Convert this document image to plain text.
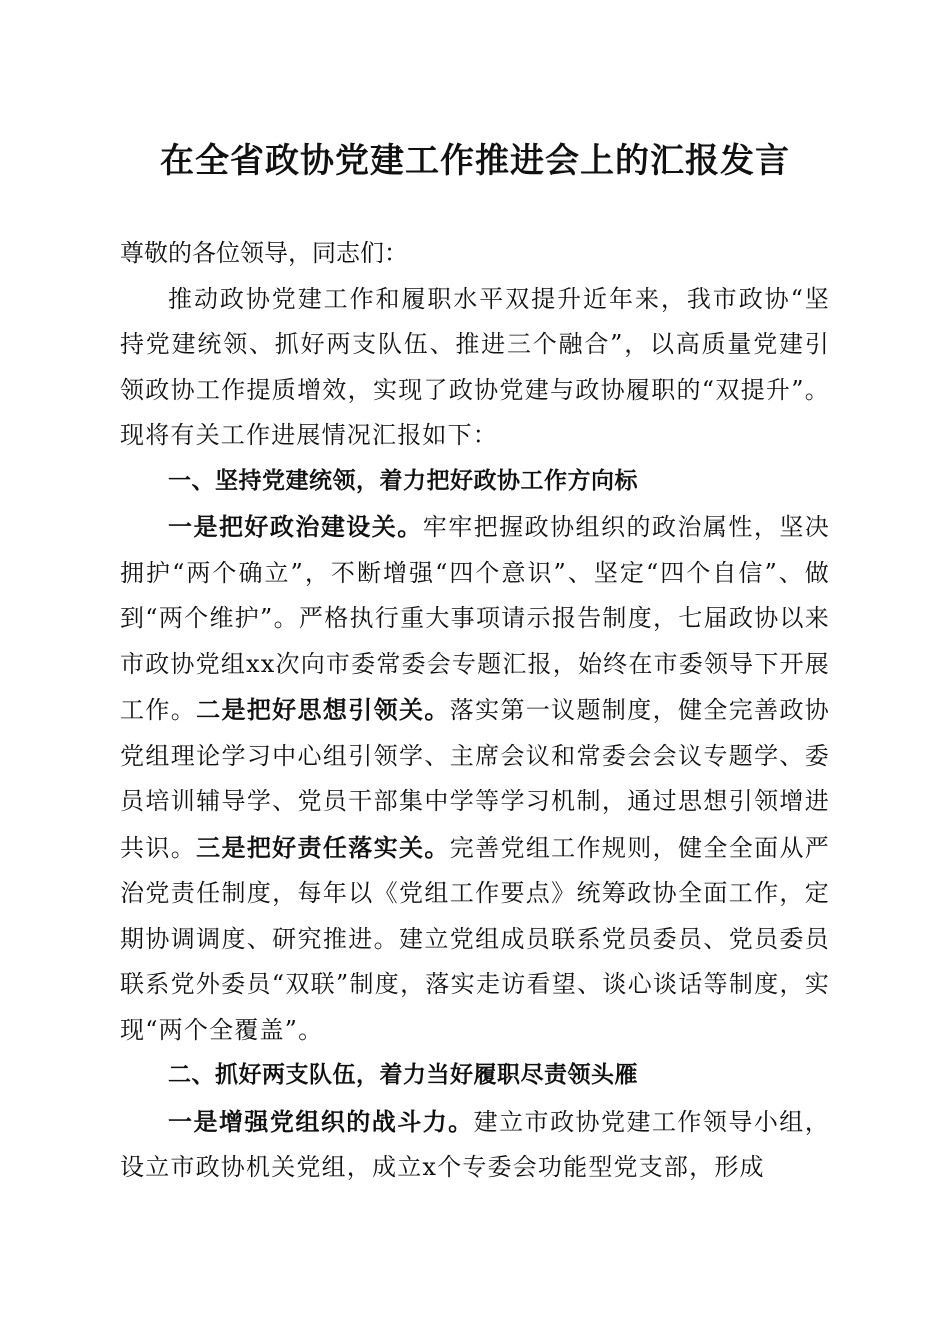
在全省政协党建工作推进会上的汇报发言

尊敬的各位领导，同志们：

推动政协党建工作和履职水平双提升近年来，我市政协“坚持党建统领、抓好两支队伍、推进三个融合”，以高质量党建引领政协工作提质增效，实现了政协党建与政协履职的“双提升”。现将有关工作进展情况汇报如下：

一、坚持党建统领，着力把好政协工作方向标

一是把好政治建设关。牢牢把握政协组织的政治属性，坚决拥护“两个确立”，不断增强“四个意识”、坚定“四个自信”、做到“两个维护”。严格执行重大事项请示报告制度，七届政协以来市政协党组xx次向市委常委会专题汇报，始终在市委领导下开展工作。二是把好思想引领关。落实第一议题制度，健全完善政协党组理论学习中心组引领学、主席会议和常委会会议专题学、委员培训辅导学、党员干部集中学等学习机制，通过思想引领增进共识。三是把好责任落实关。完善党组工作规则，健全全面从严治党责任制度，每年以《党组工作要点》统筹政协全面工作，定期协调调度、研究推进。建立党组成员联系党员委员、党员委员联系党外委员“双联”制度，落实走访看望、谈心谈话等制度，实现“两个全覆盖”。

二、抓好两支队伍，着力当好履职尽责领头雁

一是增强党组织的战斗力。建立市政协党建工作领导小组，设立市政协机关党组，成立x个专委会功能型党支部，形成
